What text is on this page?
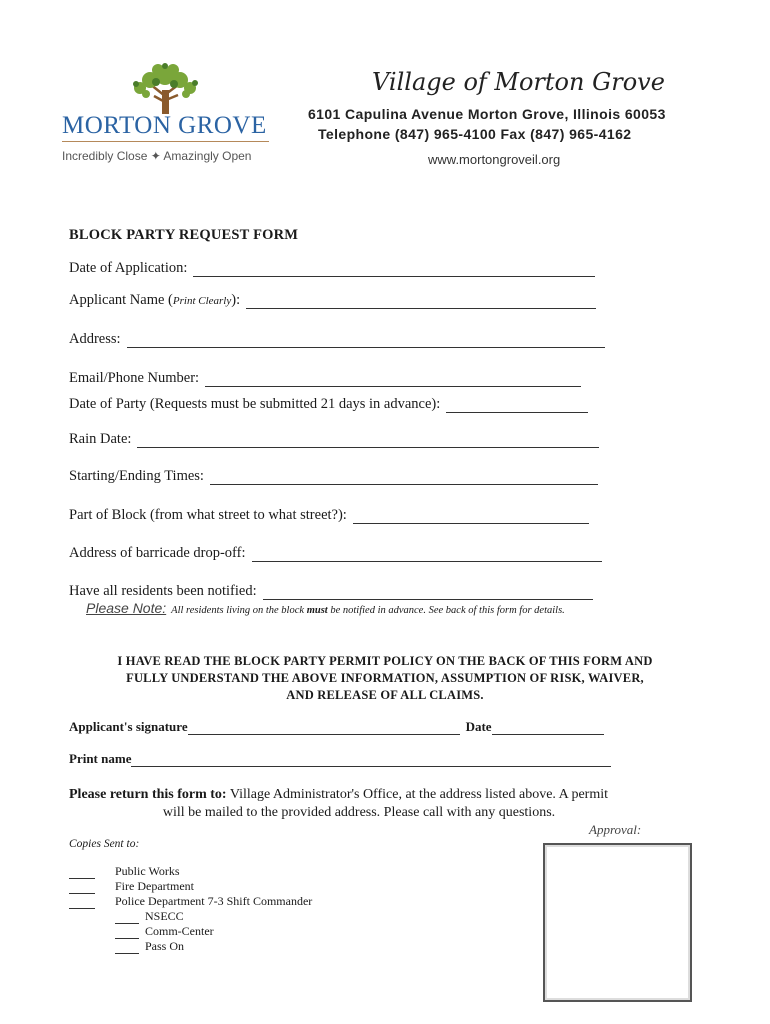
MORTON GROVE
Incredibly Close ✦ Amazingly Open
Village of Morton Grove
6101 Capulina Avenue Morton Grove, Illinois 60053
Telephone (847) 965-4100 Fax (847) 965-4162
www.mortongroveil.org
BLOCK PARTY REQUEST FORM
Date of Application:
Applicant Name (Print Clearly):
Address:
Email/Phone Number:
Date of Party (Requests must be submitted 21 days in advance):
Rain Date:
Starting/Ending Times:
Part of Block (from what street to what street?):
Address of barricade drop-off:
Have all residents been notified:
Please Note: All residents living on the block must be notified in advance. See back of this form for details.
I HAVE READ THE BLOCK PARTY PERMIT POLICY ON THE BACK OF THIS FORM AND
FULLY UNDERSTAND THE ABOVE INFORMATION, ASSUMPTION OF RISK, WAIVER,
AND RELEASE OF ALL CLAIMS.
Applicant's signature	Date
Print name
Please return this form to: Village Administrator's Office, at the address listed above. A permit
will be mailed to the provided address. Please call with any questions.
Approval:
Copies Sent to:
Public Works
Fire Department
Police Department 7-3 Shift Commander
NSECC
Comm-Center
Pass On
